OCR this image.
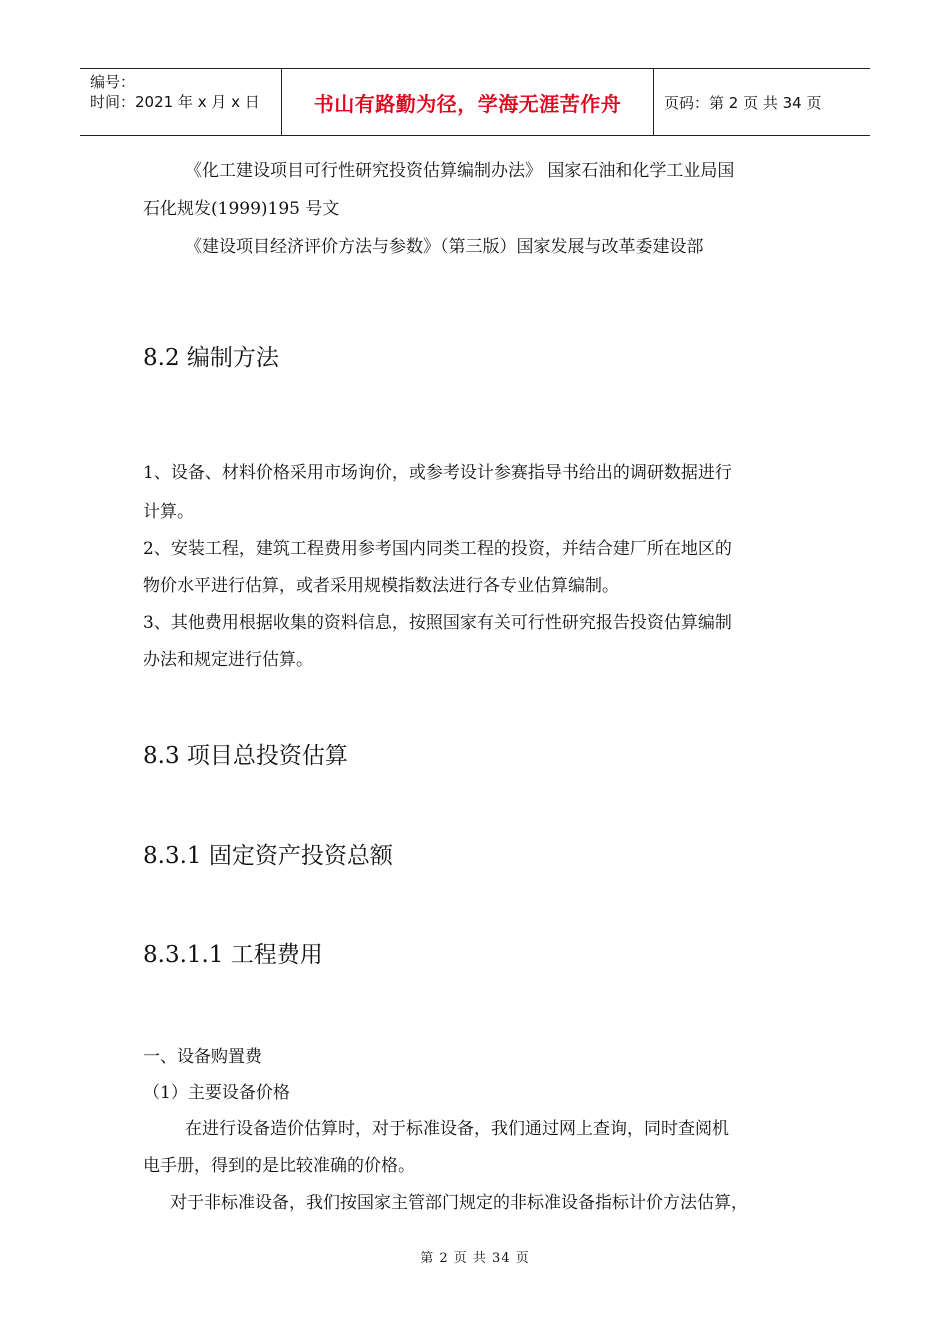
编号：
时间：2021 年 x 月 x 日	书山有路勤为径，学海无涯苦作舟	页码：第 2 页 共 34 页
《化工建设项目可行性研究投资估算编制办法》 国家石油和化学工业局国
石化规发(1999)195 号文
《建设项目经济评价方法与参数》（第三版）国家发展与改革委建设部
8.2 编制方法
1、设备、材料价格采用市场询价，或参考设计参赛指导书给出的调研数据进行
计算。
2、安装工程，建筑工程费用参考国内同类工程的投资，并结合建厂所在地区的
物价水平进行估算，或者采用规模指数法进行各专业估算编制。
3、其他费用根据收集的资料信息，按照国家有关可行性研究报告投资估算编制
办法和规定进行估算。
8.3 项目总投资估算
8.3.1 固定资产投资总额
8.3.1.1 工程费用
一、设备购置费
（1）主要设备价格
在进行设备造价估算时，对于标准设备，我们通过网上查询，同时查阅机
电手册，得到的是比较准确的价格。
对于非标准设备，我们按国家主管部门规定的非标准设备指标计价方法估算，
第 2 页 共 34 页
